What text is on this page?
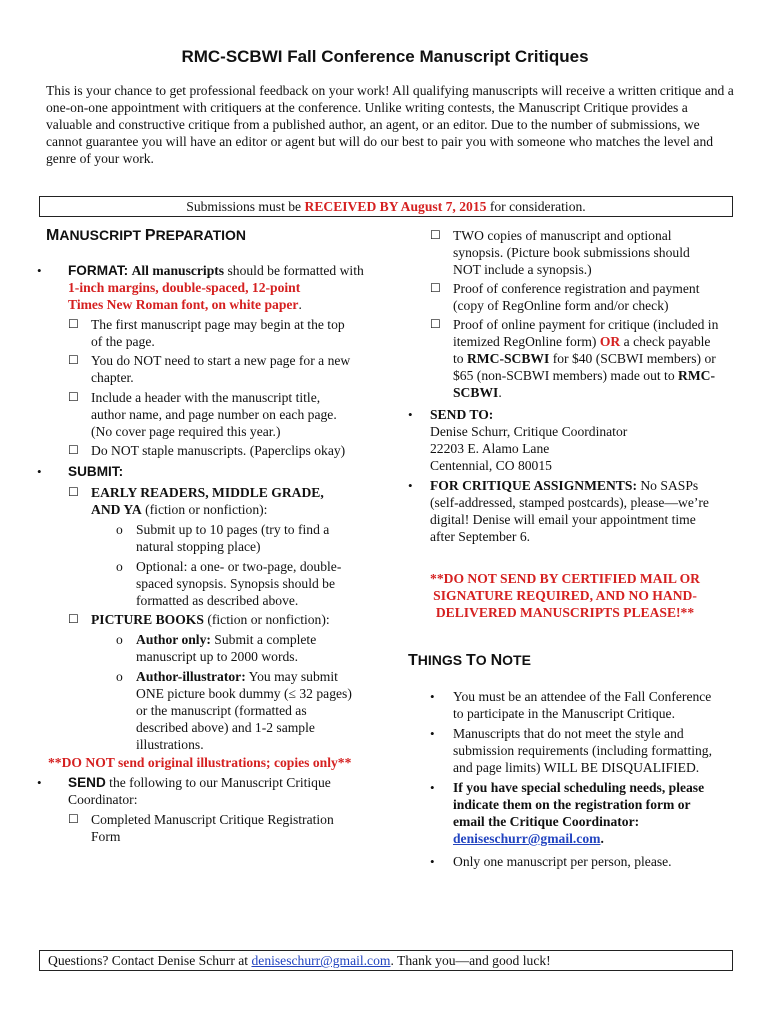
RMC-SCBWI Fall Conference Manuscript Critiques
This is your chance to get professional feedback on your work! All qualifying manuscripts will receive a written critique and a one-on-one appointment with critiquers at the conference. Unlike writing contests, the Manuscript Critique provides a valuable and constructive critique from a published author, an agent, or an editor. Due to the number of submissions, we cannot guarantee you will have an editor or agent but will do our best to pair you with someone who matches the level and genre of your work.
Submissions must be RECEIVED BY August 7, 2015 for consideration.
MANUSCRIPT PREPARATION
• FORMAT: All manuscripts should be formatted with
1-inch margins, double-spaced, 12-point
Times New Roman font, on white paper.
☐ The first manuscript page may begin at the top
of the page.
☐ You do NOT need to start a new page for a new
chapter.
☐ Include a header with the manuscript title,
author name, and page number on each page.
(No cover page required this year.)
☐ Do NOT staple manuscripts. (Paperclips okay)
• SUBMIT:
☐ EARLY READERS, MIDDLE GRADE,
AND YA (fiction or nonfiction):
o Submit up to 10 pages (try to find a
natural stopping place)
o Optional: a one- or two-page, double-
spaced synopsis. Synopsis should be
formatted as described above.
☐ PICTURE BOOKS (fiction or nonfiction):
o Author only: Submit a complete
manuscript up to 2000 words.
o Author-illustrator: You may submit
ONE picture book dummy (≤ 32 pages)
or the manuscript (formatted as
described above) and 1-2 sample
illustrations.
**DO NOT send original illustrations; copies only**
• SEND the following to our Manuscript Critique
Coordinator:
☐ Completed Manuscript Critique Registration
Form
☐ TWO copies of manuscript and optional
synopsis. (Picture book submissions should
NOT include a synopsis.)
☐ Proof of conference registration and payment
(copy of RegOnline form and/or check)
☐ Proof of online payment for critique (included in
itemized RegOnline form) OR a check payable
to RMC-SCBWI for $40 (SCBWI members) or
$65 (non-SCBWI members) made out to RMC-
SCBWI.
• SEND TO:
Denise Schurr, Critique Coordinator
22203 E. Alamo Lane
Centennial, CO 80015
• FOR CRITIQUE ASSIGNMENTS: No SASPs
(self-addressed, stamped postcards), please—we’re
digital! Denise will email your appointment time
after September 6.
**DO NOT SEND BY CERTIFIED MAIL OR
SIGNATURE REQUIRED, AND NO HAND-
DELIVERED MANUSCRIPTS PLEASE!**
THINGS TO NOTE
• You must be an attendee of the Fall Conference
to participate in the Manuscript Critique.
• Manuscripts that do not meet the style and
submission requirements (including formatting,
and page limits) WILL BE DISQUALIFIED.
• If you have special scheduling needs, please
indicate them on the registration form or
email the Critique Coordinator:
deniseschurr@gmail.com.
• Only one manuscript per person, please.
Questions? Contact Denise Schurr at deniseschurr@gmail.com. Thank you—and good luck!
